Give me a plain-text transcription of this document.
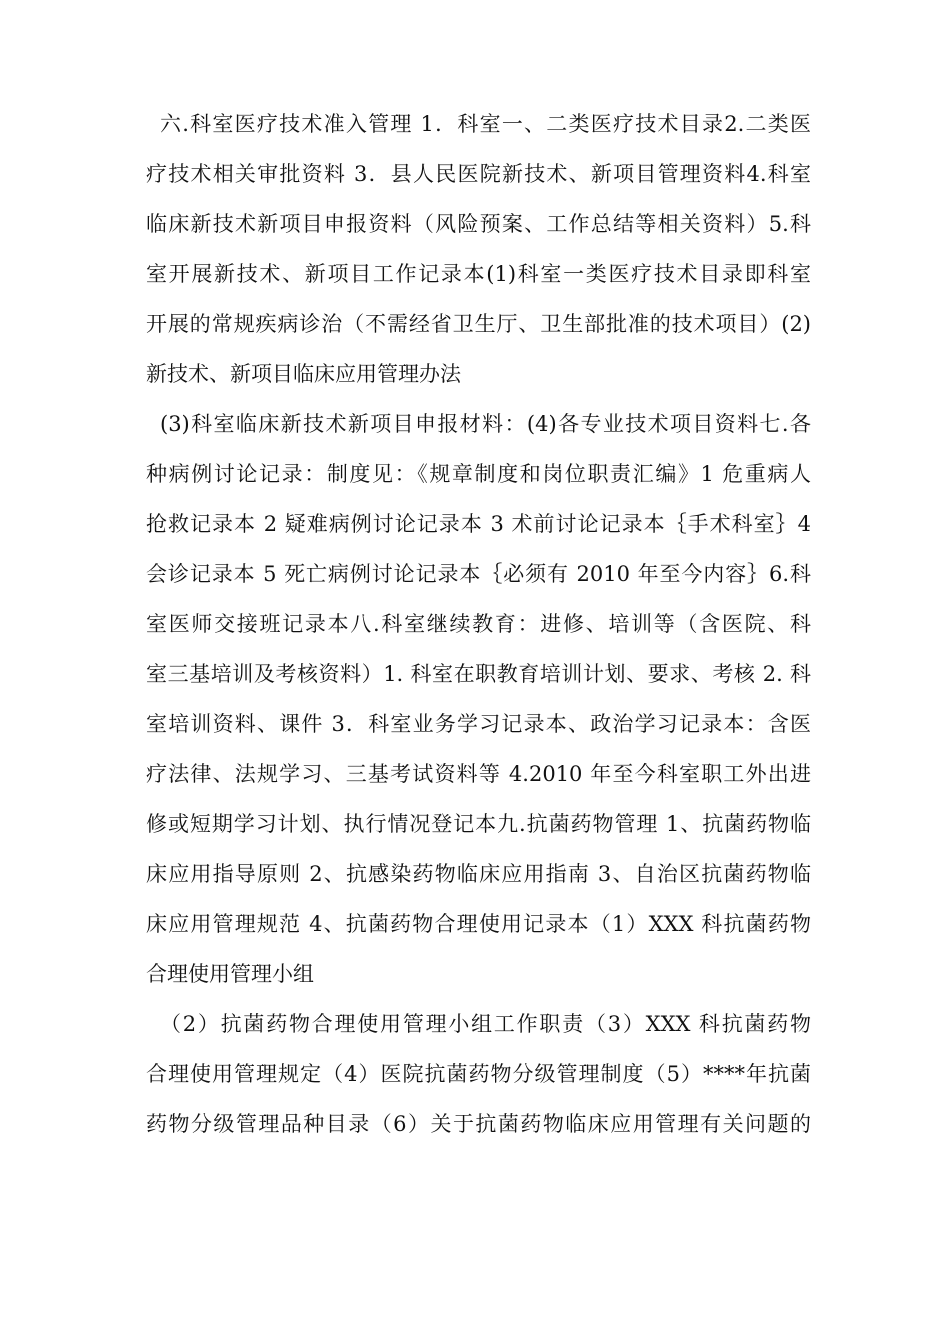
六.科室医疗技术准入管理 1．科室一、二类医疗技术目录2.二类医
疗技术相关审批资料 3．县人民医院新技术、新项目管理资料4.科室
临床新技术新项目申报资料（风险预案、工作总结等相关资料）5.科
室开展新技术、新项目工作记录本(1)科室一类医疗技术目录即科室
开展的常规疾病诊治（不需经省卫生厅、卫生部批准的技术项目）(2)
新技术、新项目临床应用管理办法
(3)科室临床新技术新项目申报材料：(4)各专业技术项目资料七.各
种病例讨论记录：制度见：《规章制度和岗位职责汇编》1 危重病人
抢救记录本 2 疑难病例讨论记录本 3 术前讨论记录本｛手术科室｝4
会诊记录本 5 死亡病例讨论记录本｛必须有 2010 年至今内容｝6.科
室医师交接班记录本八.科室继续教育：进修、培训等（含医院、科
室三基培训及考核资料）1. 科室在职教育培训计划、要求、考核 2. 科
室培训资料、课件 3．科室业务学习记录本、政治学习记录本：含医
疗法律、法规学习、三基考试资料等 4.2010 年至今科室职工外出进
修或短期学习计划、执行情况登记本九.抗菌药物管理 1、抗菌药物临
床应用指导原则 2、抗感染药物临床应用指南 3、自治区抗菌药物临
床应用管理规范 4、抗菌药物合理使用记录本（1）XXX 科抗菌药物
合理使用管理小组
（2）抗菌药物合理使用管理小组工作职责（3）XXX 科抗菌药物
合理使用管理规定（4）医院抗菌药物分级管理制度（5）****年抗菌
药物分级管理品种目录（6）关于抗菌药物临床应用管理有关问题的
